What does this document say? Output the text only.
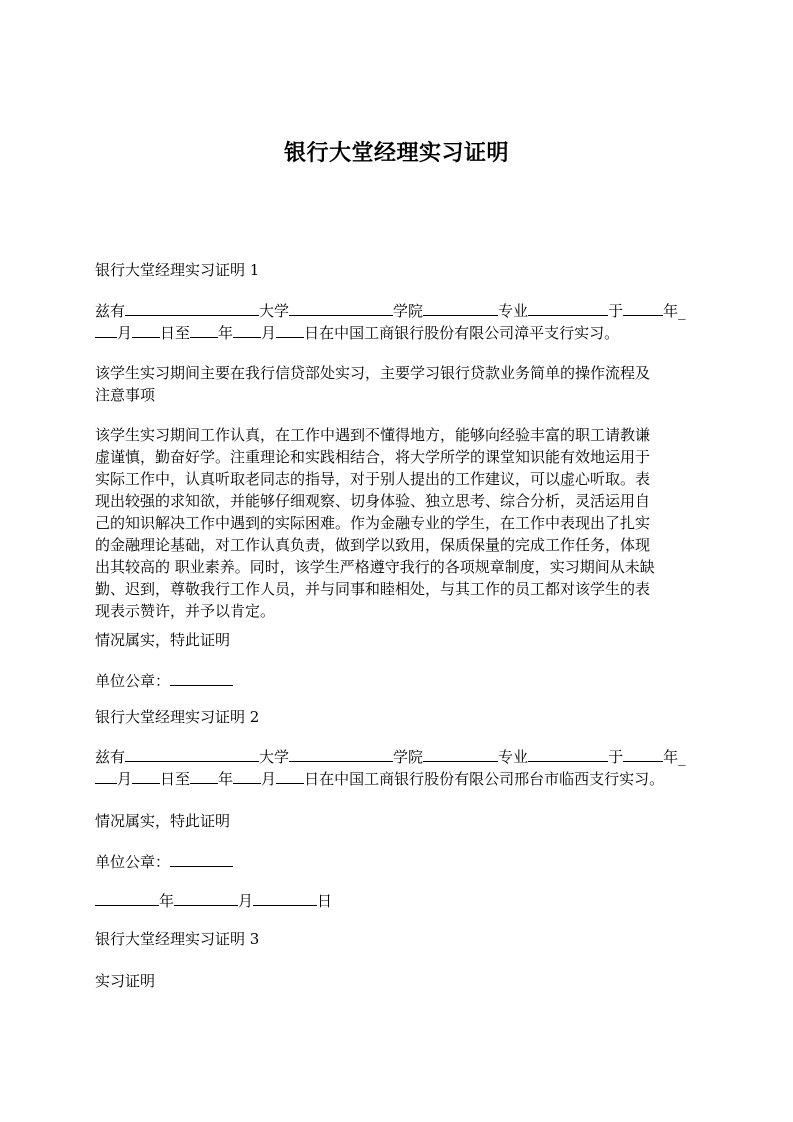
银行大堂经理实习证明
银行大堂经理实习证明 1
兹有	大学	学院	专业	于	年_
月 日至 年 月 日在中国工商银行股份有限公司漳平支行实习。
该学生实习期间主要在我行信贷部处实习，主要学习银行贷款业务简单的操作流程及
注意事项
该学生实习期间工作认真，在工作中遇到不懂得地方，能够向经验丰富的职工请教谦
虚谨慎，勤奋好学。注重理论和实践相结合，将大学所学的课堂知识能有效地运用于
实际工作中，认真听取老同志的指导，对于别人提出的工作建议，可以虚心听取。表
现出较强的求知欲，并能够仔细观察、切身体验、独立思考、综合分析，灵活运用自
己的知识解决工作中遇到的实际困难。作为金融专业的学生，在工作中表现出了扎实
的金融理论基础，对工作认真负责，做到学以致用，保质保量的完成工作任务，体现
出其较高的 职业素养。同时，该学生严格遵守我行的各项规章制度，实习期间从未缺
勤、迟到，尊敬我行工作人员，并与同事和睦相处，与其工作的员工都对该学生的表
现表示赞许，并予以肯定。
情况属实，特此证明
单位公章：
银行大堂经理实习证明 2
兹有	大学	学院	专业	于	年_
月 日至 年 月 日在中国工商银行股份有限公司邢台市临西支行实习。
情况属实，特此证明
单位公章：
年	月	日
银行大堂经理实习证明 3
实习证明
